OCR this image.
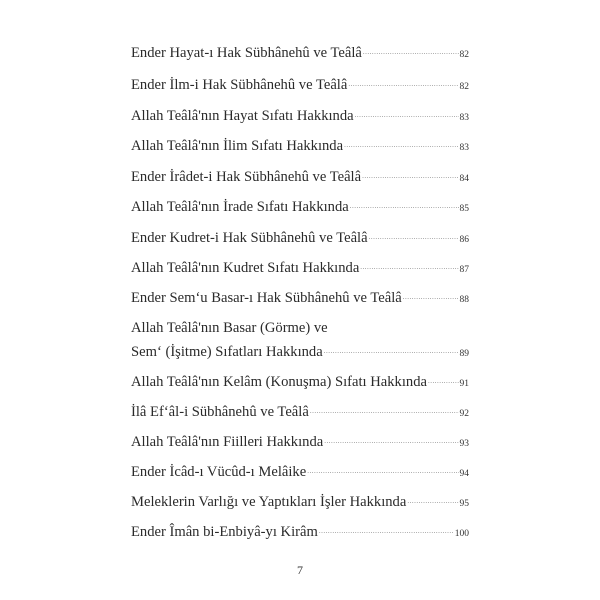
Ender Hayat-ı Hak Sübhânehû ve Teâlâ .....	82
Ender İlm-i Hak Sübhânehû ve Teâlâ .....	82
Allah Teâlâ'nın Hayat Sıfatı Hakkında .....	83
Allah Teâlâ'nın İlim Sıfatı Hakkında .....	83
Ender İrâdet-i Hak Sübhânehû ve Teâlâ .....	84
Allah Teâlâ'nın İrade Sıfatı Hakkında .....	85
Ender Kudret-i Hak Sübhânehû ve Teâlâ .....	86
Allah Teâlâ'nın Kudret Sıfatı Hakkında .....	87
Ender Sem‘u Basar-ı Hak Sübhânehû ve Teâlâ .....	88
Allah Teâlâ'nın Basar (Görme) ve
Sem‘ (İşitme) Sıfatları Hakkında .....	89
Allah Teâlâ'nın Kelâm (Konuşma) Sıfatı Hakkında .....	91
İlâ Ef‘âl-i Sübhânehû ve Teâlâ .....	92
Allah Teâlâ'nın Fiilleri Hakkında .....	93
Ender İcâd-ı Vücûd-ı Melâike .....	94
Meleklerin Varlığı ve Yaptıkları İşler Hakkında .....	95
Ender Îmân bi-Enbiyâ-yı Kirâm .....	100
7
